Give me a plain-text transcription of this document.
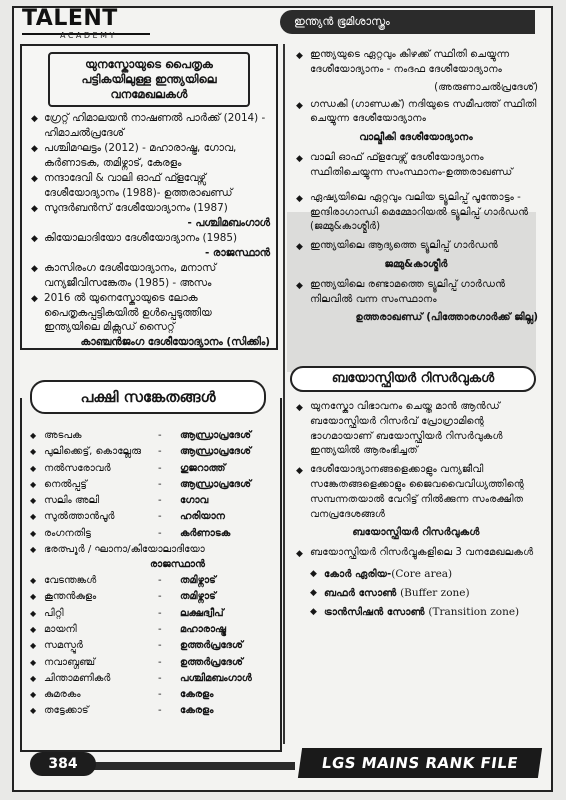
TALENT
ACADEMY
ഇന്ത്യൻ ഭൂമിശാസ്ത്രം
യുനസ്കോയുടെ പൈതൃക പട്ടികയിലുള്ള ഇന്ത്യയിലെ വനമേഖലകൾ
◆ ഗ്രേറ്റ് ഹിമാലയൻ നാഷണൽ പാർക്ക് (2014) - ഹിമാചൽപ്രദേശ്
◆ പശ്ചിമഘട്ടം (2012) - മഹാരാഷ്ട്ര, ഗോവ, കർണാടക, തമിഴ്നാട്, കേരളം
◆ നന്ദാദേവി & വാലി ഓഫ് ഫ്ളവേഴ്സ് ദേശീയോദ്യാനം (1988)- ഉത്തരാഖണ്ഡ്
◆ സുന്ദർബൻസ് ദേശീയോദ്യാനം (1987)
- പശ്ചിമബംഗാൾ
◆ കിയോലാദിയോ ദേശീയോദ്യാനം (1985)
- രാജസ്ഥാൻ
◆ കാസിരംഗ ദേശീയോദ്യാനം, മനാസ് വന്യജീവിസങ്കേതം (1985) - അസം
◆ 2016 ൽ യുനെസ്കോയുടെ ലോക പൈതൃകപ്പട്ടികയിൽ ഉൾപ്പെടുത്തിയ ഇന്ത്യയിലെ മിക്സഡ് സൈറ്റ്
കാഞ്ചൻജംഗ ദേശീയോദ്യാനം (സിക്കിം)
◆ അടപക	- ആന്ധ്രാപ്രദേശ്
◆ പുലിക്കെട്ട്, കൊല്ലേരു - ആന്ധ്രാപ്രദേശ്
◆ നൽസരോവർ	- ഗുജറാത്ത്
◆ നെൽപ്പട്ട്	- ആന്ധ്രാപ്രദേശ്
◆ സലിം അലി	- ഗോവ
◆ സുൽത്താൻപൂർ	- ഹരിയാന
◆ രംഗനതിട്ട	- കർണാടക
◆ ഭരത്പൂർ / ഘാനാ/കിയോലാദിയോ
രാജസ്ഥാൻ
◆ വേടന്തങ്കൾ	- തമിഴ്നാട്
◆ കൂന്തൻകുളം	- തമിഴ്നാട്
◆ പിറ്റി	- ലക്ഷദ്വീപ്
◆ മായനി	- മഹാരാഷ്ട്ര
◆ സമസ്പൂർ	- ഉത്തർപ്രദേശ്
◆ നവാബ്ഗഞ്ച്	- ഉത്തർപ്രദേശ്
◆ ചിന്താമണികർ	- പശ്ചിമബംഗാൾ
◆ കുമരകം	- കേരളം
◆ തട്ടേക്കാട്	- കേരളം
പക്ഷി സങ്കേതങ്ങൾ
◆ ഇന്ത്യയുടെ ഏറ്റവും കിഴക്ക് സ്ഥിതി ചെയ്യുന്ന ദേശീയോദ്യാനം - നംദഫ ദേശീയോദ്യാനം
(അരുണാചൽപ്രദേശ്)
◆ ഗന്ധകി (ഗാണ്ഡക്) നദിയുടെ സമീപത്ത് സ്ഥിതി ചെയ്യുന്ന ദേശീയോദ്യാനം
വാല്മീകി ദേശീയോദ്യാനം
◆ വാലി ഓഫ് ഫ്ളവേഴ്സ് ദേശീയോദ്യാനം സ്ഥിതിചെയ്യുന്ന സംസ്ഥാനം-ഉത്തരാഖണ്ഡ്
◆ ഏഷ്യയിലെ ഏറ്റവും വലിയ ട്യൂലിപ്പ് പൂന്തോട്ടം - ഇന്ദിരാഗാന്ധി മെമ്മോറിയൽ ട്യൂലിപ്പ് ഗാർഡൻ (ജമ്മു&കാശ്മീർ)
◆ ഇന്ത്യയിലെ ആദ്യത്തെ ട്യൂലിപ്പ് ഗാർഡൻ
ജമ്മു&കാശ്മീർ
◆ ഇന്ത്യയിലെ രണ്ടാമത്തെ ട്യൂലിപ്പ് ഗാർഡൻ നിലവിൽ വന്ന സംസ്ഥാനം
ഉത്തരാഖണ്ഡ് (പിത്തോരഗാർക്ക് ജില്ല)
ബയോസ്ഫിയർ റിസർവുകൾ
◆ യുനസ്കോ വിഭാവനം ചെയ്ത മാൻ ആൻഡ് ബയോസ്ഫിയർ റിസർവ് പ്രോഗ്രാമിന്റെ ഭാഗമായാണ് ബയോസ്ഫിയർ റിസർവുകൾ ഇന്ത്യയിൽ ആരംഭിച്ചത്
◆ ദേശീയോദ്യാനങ്ങളെക്കാളും വന്യജീവി സങ്കേതങ്ങളെക്കാളും ജൈവവൈവിധ്യത്തിന്റെ സമ്പന്നതയാൽ വേറിട്ട് നിൽക്കുന്ന സംരക്ഷിത വനപ്രദേശങ്ങൾ
ബയോസ്ഫിയർ റിസർവുകൾ
◆ ബയോസ്ഫിയർ റിസർവ്വുകളിലെ 3 വനമേഖലകൾ
◆ കോർ ഏരിയ-(Core area)
◆ ബഫർ സോൺ (Buffer zone)
◆ ട്രാൻസിഷൻ സോൺ (Transition zone)
384	LGS MAINS RANK FILE
